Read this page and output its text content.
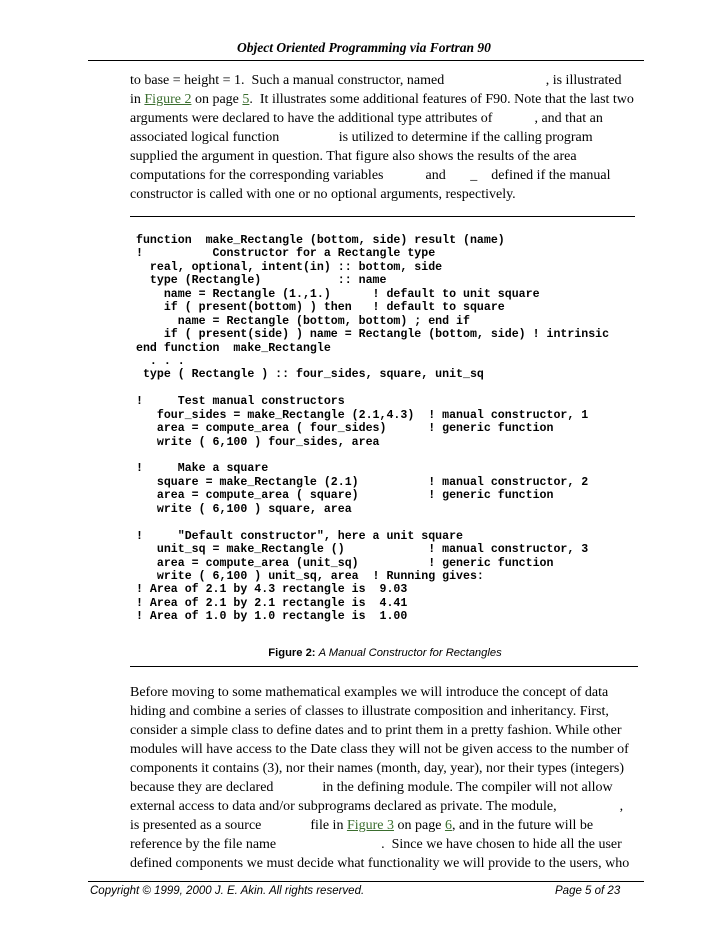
Object Oriented Programming via Fortran 90
to base = height = 1.  Such a manual constructor, named                             , is illustrated
in Figure 2 on page 5.  It illustrates some additional features of F90. Note that the last two
arguments were declared to have the additional type attributes of            , and that an
associated logical function                 is utilized to determine if the calling program
supplied the argument in question. That figure also shows the results of the area
computations for the corresponding variables            and       _    defined if the manual
constructor is called with one or no optional arguments, respectively.
function  make_Rectangle (bottom, side) result (name)
!          Constructor for a Rectangle type
real, optional, intent(in) :: bottom, side
type (Rectangle)           :: name
name = Rectangle (1.,1.)      ! default to unit square
if ( present(bottom) ) then   ! default to square
name = Rectangle (bottom, bottom) ; end if
if ( present(side) ) name = Rectangle (bottom, side) ! intrinsic
end function  make_Rectangle
. . .
type ( Rectangle ) :: four_sides, square, unit_sq
!     Test manual constructors
four_sides = make_Rectangle (2.1,4.3)  ! manual constructor, 1
area = compute_area ( four_sides)      ! generic function
write ( 6,100 ) four_sides, area
!     Make a square
square = make_Rectangle (2.1)          ! manual constructor, 2
area = compute_area ( square)          ! generic function
write ( 6,100 ) square, area
!     "Default constructor", here a unit square
unit_sq = make_Rectangle ()            ! manual constructor, 3
area = compute_area (unit_sq)          ! generic function
write ( 6,100 ) unit_sq, area  ! Running gives:
! Area of 2.1 by 4.3 rectangle is  9.03
! Area of 2.1 by 2.1 rectangle is  4.41
! Area of 1.0 by 1.0 rectangle is  1.00
Figure 2: A Manual Constructor for Rectangles
Before moving to some mathematical examples we will introduce the concept of data
hiding and combine a series of classes to illustrate composition and inheritancy. First,
consider a simple class to define dates and to print them in a pretty fashion. While other
modules will have access to the Date class they will not be given access to the number of
components it contains (3), nor their names (month, day, year), nor their types (integers)
because they are declared              in the defining module. The compiler will not allow
external access to data and/or subprograms declared as private. The module,                  ,
is presented as a source              file in Figure 3 on page 6, and in the future will be
reference by the file name                              .  Since we have chosen to hide all the user
defined components we must decide what functionality we will provide to the users, who
Copyright © 1999, 2000 J. E. Akin. All rights reserved.	Page 5 of 23
